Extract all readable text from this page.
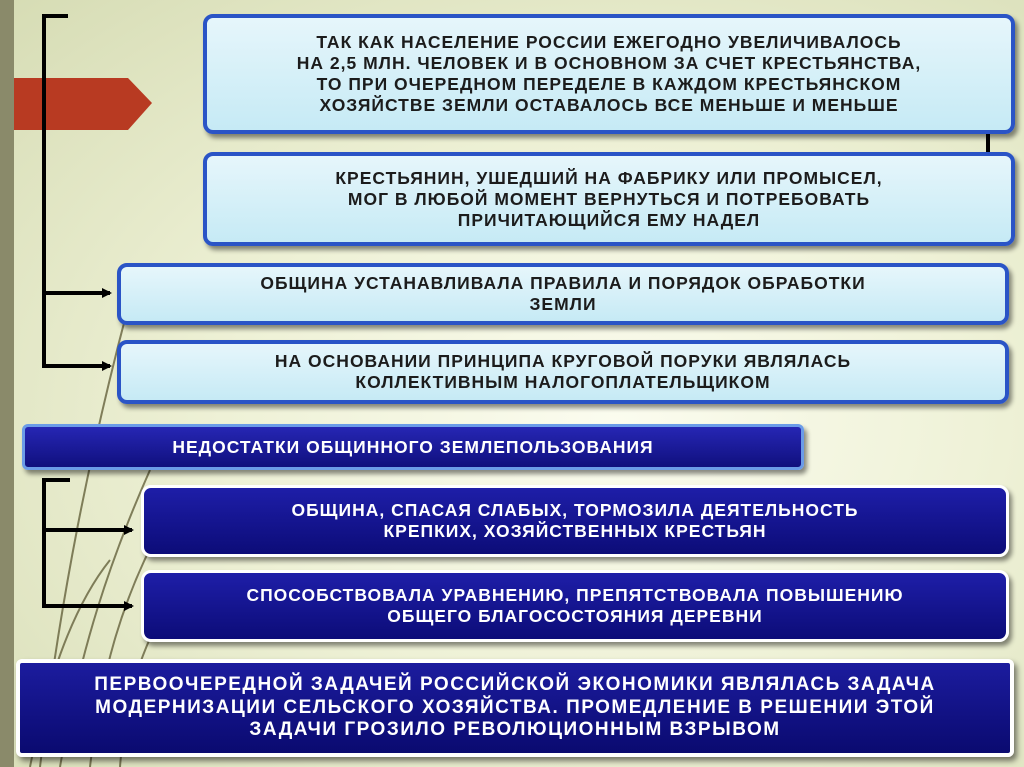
ТАК КАК НАСЕЛЕНИЕ РОССИИ ЕЖЕГОДНО УВЕЛИЧИВАЛОСЬ
НА 2,5 МЛН. ЧЕЛОВЕК И В ОСНОВНОМ ЗА СЧЕТ КРЕСТЬЯНСТВА,
ТО ПРИ ОЧЕРЕДНОМ ПЕРЕДЕЛЕ В КАЖДОМ КРЕСТЬЯНСКОМ
ХОЗЯЙСТВЕ ЗЕМЛИ ОСТАВАЛОСЬ ВСЕ МЕНЬШЕ И МЕНЬШЕ
КРЕСТЬЯНИН, УШЕДШИЙ НА ФАБРИКУ ИЛИ ПРОМЫСЕЛ,
МОГ В ЛЮБОЙ МОМЕНТ ВЕРНУТЬСЯ И ПОТРЕБОВАТЬ
ПРИЧИТАЮЩИЙСЯ ЕМУ НАДЕЛ
ОБЩИНА УСТАНАВЛИВАЛА ПРАВИЛА И ПОРЯДОК ОБРАБОТКИ
ЗЕМЛИ
НА ОСНОВАНИИ ПРИНЦИПА КРУГОВОЙ ПОРУКИ ЯВЛЯЛАСЬ
КОЛЛЕКТИВНЫМ НАЛОГОПЛАТЕЛЬЩИКОМ
НЕДОСТАТКИ ОБЩИННОГО ЗЕМЛЕПОЛЬЗОВАНИЯ
ОБЩИНА, СПАСАЯ СЛАБЫХ, ТОРМОЗИЛА ДЕЯТЕЛЬНОСТЬ
КРЕПКИХ, ХОЗЯЙСТВЕННЫХ КРЕСТЬЯН
СПОСОБСТВОВАЛА УРАВНЕНИЮ, ПРЕПЯТСТВОВАЛА ПОВЫШЕНИЮ
ОБЩЕГО БЛАГОСОСТОЯНИЯ ДЕРЕВНИ
ПЕРВООЧЕРЕДНОЙ ЗАДАЧЕЙ РОССИЙСКОЙ ЭКОНОМИКИ ЯВЛЯЛАСЬ ЗАДАЧА
МОДЕРНИЗАЦИИ СЕЛЬСКОГО ХОЗЯЙСТВА. ПРОМЕДЛЕНИЕ В РЕШЕНИИ ЭТОЙ
ЗАДАЧИ ГРОЗИЛО РЕВОЛЮЦИОННЫМ ВЗРЫВОМ
